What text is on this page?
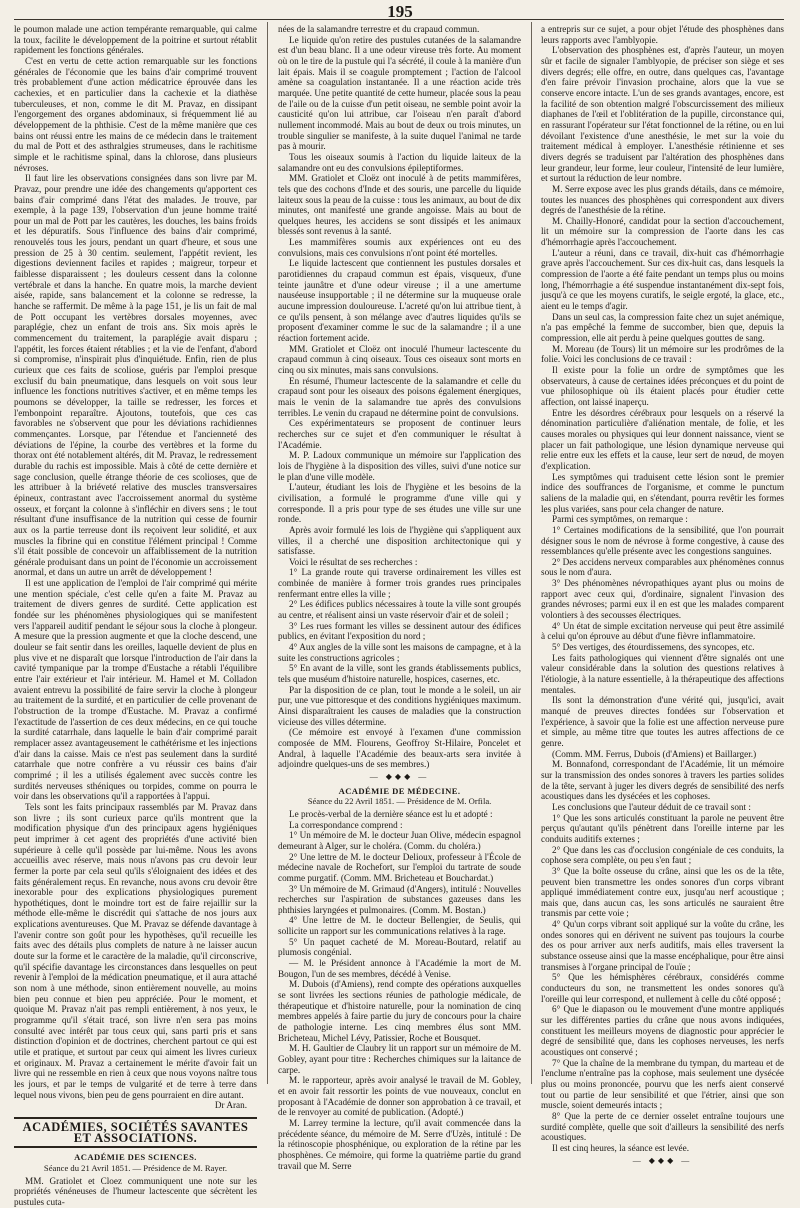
195

le poumon malade une action tempérante remarquable, qui calme la toux, facilite le développement de la poitrine et surtout rétablit rapidement les fonctions générales.

C'est en vertu de cette action remarquable sur les fonctions générales de l'économie que les bains d'air comprimé trouvent très probablement d'une action médicatrice éprouvée dans les cachexies, et en particulier dans la cachexie et la diathèse tuberculeuses, et non, comme le dit M. Pravaz, en dissipant l'engorgement des organes abdominaux, si fréquemment lié au développement de la phthisie. C'est de la même manière que ces bains ont réussi entre les mains de ce médecin dans le traitement du mal de Pott et des asthralgies strumeuses, dans le rachitisme simple et le rachitisme spinal, dans la chlorose, dans plusieurs névroses.

Il faut lire les observations consignées dans son livre par M. Pravaz, pour prendre une idée des changements qu'apportent ces bains d'air comprimé dans l'état des malades. Je trouve, par exemple, à la page 139, l'observation d'un jeune homme traité pour un mal de Pott par les cautères, les douches, les bains froids et les dépuratifs. Sous l'influence des bains d'air comprimé, renouvelés tous les jours, pendant un quart d'heure, et sous une pression de 25 à 30 centim. seulement, l'appétit revient, les digestions deviennent faciles et rapides ; maigreur, torpeur et faiblesse disparaissent ; les douleurs cessent dans la colonne vertébrale et dans la hanche. En quatre mois, la marche devient aisée, rapide, sans balancement et la colonne se redresse, la hanche se raffermit. De même à la page 151, je lis un fait de mal de Pott occupant les vertèbres dorsales moyennes, avec paraplégie, chez un enfant de trois ans. Six mois après le commencement du traitement, la paraplégie avait disparu ; l'appétit, les forces étaient rétablies ; et la vie de l'enfant, d'abord si compromise, n'inspirait plus d'inquiétude. Enfin, rien de plus curieux que ces faits de scoliose, guéris par l'emploi presque exclusif du bain pneumatique, dans lesquels on voit sous leur influence les fonctions nutritives s'activer, et en même temps les poumons se développer, la taille se redresser, les forces et l'embonpoint reparaître. Ajoutons, toutefois, que ces cas favorables ne s'observent que pour les déviations rachidiennes commençantes. Lorsque, par l'étendue et l'ancienneté des déviations de l'épine, la courbe des vertèbres et la forme du thorax ont été notablement altérés, dit M. Pravaz, le redressement durable du rachis est impossible. Mais à côté de cette dernière et sage conclusion, quelle étrange théorie de ces scolioses, que de les attribuer à la briéveté relative des muscles transversaires épineux, contrastant avec l'accroissement anormal du système osseux, et forçant la colonne à s'infléchir en divers sens ; le tout résultant d'une insuffisance de la nutrition qui cesse de fournir aux os la partie terreuse dont ils reçoivent leur solidité, et aux muscles la fibrine qui en constitue l'élément principal ! Comme s'il était possible de concevoir un affaiblissement de la nutrition générale produisant dans un point de l'économie un accroissement anormal, et dans un autre un arrêt de développement !

Il est une application de l'emploi de l'air comprimé qui mérite une mention spéciale, c'est celle qu'en a faite M. Pravaz au traitement de divers genres de surdité. Cette application est fondée sur les phénomènes physiologiques qui se manifestent vers l'appareil auditif pendant le séjour sous la cloche à plongeur. A mesure que la pression augmente et que la cloche descend, une douleur se fait sentir dans les oreilles, laquelle devient de plus en plus vive et ne disparaît que lorsque l'introduction de l'air dans la cavité tympanique par la trompe d'Eustache a rétabli l'équilibre entre l'air extérieur et l'air intérieur. M. Hamel et M. Colladon avaient entrevu la possibilité de faire servir la cloche à plongeur au traitement de la surdité, et en particulier de celle provenant de l'obstruction de la trompe d'Eustache. M. Pravaz a confirmé l'exactitude de l'assertion de ces deux médecins, en ce qui touche la surdité catarrhale, dans laquelle le bain d'air comprimé parait remplacer assez avantageusement le cathétérisme et les injections d'air dans la caisse. Mais ce n'est pas seulement dans la surdité catarrhale que notre confrère a vu réussir ces bains d'air comprimé ; il les a utilisés également avec succès contre les surdités nerveuses sthéniques ou torpides, comme on pourra le voir dans les observations qu'il a rapportées à l'appui.

Tels sont les faits principaux rassemblés par M. Pravaz dans son livre ; ils sont curieux parce qu'ils montrent que la modification physique d'un des principaux agens hygiéniques peut imprimer à cet agent des propriétés d'une activité bien supérieure à celle qu'il possède par lui-même. Nous les avons accueillis avec réserve, mais nous n'avons pas cru devoir leur fermer la porte par cela seul qu'ils s'éloignaient des idées et des faits généralement reçus. En revanche, nous avons cru devoir être inexorable pour des explications physiologiques purement hypothétiques, dont le moindre tort est de faire rejaillir sur la méthode elle-même le discrédit qui s'attache de nos jours aux explications aventureuses. Que M. Pravaz se défende davantage à l'avenir contre son goût pour les hypothèses, qu'il recueille les faits avec des détails plus complets de nature à ne laisser aucun doute sur la forme et le caractère de la maladie, qu'il circonscrive, qu'il spécifie davantage les circonstances dans lesquelles on peut revenir à l'emploi de la médication pneumatique, et il aura attaché son nom à une méthode, sinon entièrement nouvelle, au moins bien peu connue et bien peu appréciée. Pour le moment, et quoique M. Pravaz n'ait pas rempli entièrement, à nos yeux, le programme qu'il s'était tracé, son livre n'en sera pas moins consulté avec intérêt par tous ceux qui, sans parti pris et sans distinction d'opinion et de doctrines, cherchent partout ce qui est utile et pratique, et surtout par ceux qui aiment les livres curieux et originaux. M. Pravaz a certainement le mérite d'avoir fait un livre qui ne ressemble en rien à ceux que nous voyons naître tous les jours, et par le temps de vulgarité et de terre à terre dans lequel nous vivons, bien peu de gens pourraient en dire autant.

Dr Aran.

ACADÉMIES, SOCIÉTÉS SAVANTES ET ASSOCIATIONS.
ACADÉMIE DES SCIENCES.
Séance du 21 Avril 1851. — Présidence de M. Rayer.

MM. Gratiolet et Cloez communiquent une note sur les propriétés vénéneuses de l'humeur lactescente que sécrètent les pustules cuta-

nées de la salamandre terrestre et du crapaud commun.

Le liquide qu'on retire des pustules cutanées de la salamandre est d'un beau blanc. Il a une odeur vireuse très forte. Au moment où on le tire de la pustule qui l'a sécrété, il coule à la manière d'un lait épais. Mais il se coagule promptement ; l'action de l'alcool amène sa coagulation instantanée. Il a une réaction acide très marquée. Une petite quantité de cette humeur, placée sous la peau de l'aile ou de la cuisse d'un petit oiseau, ne semble point avoir la causticité qu'on lui attribue, car l'oiseau n'en paraît d'abord nullement incommodé. Mais au bout de deux ou trois minutes, un trouble singulier se manifeste, à la suite duquel l'animal ne tarde pas à mourir.

Tous les oiseaux soumis à l'action du liquide laiteux de la salamandre ont eu des convulsions épileptiformes.

MM. Gratiolet et Cloëz ont inoculé à de petits mammifères, tels que des cochons d'Inde et des souris, une parcelle du liquide laiteux sous la peau de la cuisse : tous les animaux, au bout de dix minutes, ont manifesté une grande angoisse. Mais au bout de quelques heures, les accidens se sont dissipés et les animaux blessés sont revenus à la santé.

Les mammifères soumis aux expériences ont eu des convulsions, mais ces convulsions n'ont point été mortelles.

Le liquide lactescent que contiennent les pustules dorsales et parotidiennes du crapaud commun est épais, visqueux, d'une teinte jaunâtre et d'une odeur vireuse ; il a une amertume nauséeuse insupportable ; il ne détermine sur la muqueuse orale aucune impression douloureuse. L'acreté qu'on lui attribue tient, à ce qu'ils pensent, à son mélange avec d'autres liquides qu'ils se proposent d'examiner comme le suc de la salamandre ; il a une réaction fortement acide.

MM. Gratiolet et Cloëz ont inoculé l'humeur lactescente du crapaud commun à cinq oiseaux. Tous ces oiseaux sont morts en cinq ou six minutes, mais sans convulsions.

En résumé, l'humeur lactescente de la salamandre et celle du crapaud sont pour les oiseaux des poisons également énergiques, mais le venin de la salamandre tue après des convulsions terribles. Le venin du crapaud ne détermine point de convulsions.

Ces expérimentateurs se proposent de continuer leurs recherches sur ce sujet et d'en communiquer le résultat à l'Académie.

M. P. Ladoux communique un mémoire sur l'application des lois de l'hygiène à la disposition des villes, suivi d'une notice sur le plan d'une ville modèle.

L'auteur, étudiant les lois de l'hygiène et les besoins de la civilisation, a formulé le programme d'une ville qui y corresponde. Il a pris pour type de ses études une ville sur une ronde.

Après avoir formulé les lois de l'hygiène qui s'appliquent aux villes, il a cherché une disposition architectonique qui y satisfasse.

Voici le résultat de ses recherches :

1° La grande route qui traverse ordinairement les villes est combinée de manière à former trois grandes rues principales renfermant entre elles la ville ;

2° Les édifices publics nécessaires à toute la ville sont groupés au centre, et réalisent ainsi un vaste réservoir d'air et de soleil ;

3° Les rues formant les villes se dessinent autour des édifices publics, en évitant l'exposition du nord ;

4° Aux angles de la ville sont les maisons de campagne, et à la suite les constructions agricoles ;

5° En avant de la ville, sont les grands établissements publics, tels que muséum d'histoire naturelle, hospices, casernes, etc.

Par la disposition de ce plan, tout le monde a le soleil, un air pur, une vue pittoresque et des conditions hygiéniques maximum. Ainsi disparaîtraient les causes de maladies que la construction vicieuse des villes détermine.

(Ce mémoire est envoyé à l'examen d'une commission composée de MM. Flourens, Geoffroy St-Hilaire, Poncelet et Andral, à laquelle l'Académie des beaux-arts sera invitée à adjoindre quelques-uns de ses membres.)

— ◆◆◆ —
ACADÉMIE DE MÉDECINE.
Séance du 22 Avril 1851. — Présidence de M. Orfila.

Le procès-verbal de la dernière séance est lu et adopté :

La correspondance comprend :

1° Un mémoire de M. le docteur Juan Olive, médecin espagnol demeurant à Alger, sur le choléra. (Comm. du choléra.)

2° Une lettre de M. le docteur Delioux, professeur à l'École de médecine navale de Rochefort, sur l'emploi du tartrate de soude comme purgatif. (Comm. MM. Bricheteau et Bouchardat.)

3° Un mémoire de M. Grimaud (d'Angers), intitulé : Nouvelles recherches sur l'aspiration de substances gazeuses dans les phthisies laryngées et pulmonaires. (Comm. M. Bostan.)

4° Une lettre de M. le docteur Bellengier, de Seulis, qui sollicite un rapport sur les communications relatives à la rage.

5° Un paquet cacheté de M. Moreau-Boutard, relatif au plumosis congénial.

— M. le Président annonce à l'Académie la mort de M. Bougon, l'un de ses membres, décédé à Venise.

M. Dubois (d'Amiens), rend compte des opérations auxquelles se sont livrées les sections réunies de pathologie médicale, de thérapeutique et d'histoire naturelle, pour la nomination de cinq membres appelés à faire partie du jury de concours pour la chaire de pathologie interne. Les cinq membres élus sont MM. Bricheteau, Michel Lévy, Patissier, Roche et Bousquet.

M. H. Gaultier de Claubry lit un rapport sur un mémoire de M. Gobley, ayant pour titre : Recherches chimiques sur la laitance de carpe.

M. le rapporteur, après avoir analysé le travail de M. Gobley, et en avoir fait ressortir les points de vue nouveaux, conclut en proposant à l'Académie de donner son approbation à ce travail, et de le renvoyer au comité de publication. (Adopté.)

M. Larrey termine la lecture, qu'il avait commencée dans la précédente séance, du mémoire de M. Serre d'Uzès, intitulé : De la rétinoscopie phosphénique, ou exploration de la rétine par les phosphènes. Ce mémoire, qui forme la quatrième partie du grand travail que M. Serre

a entrepris sur ce sujet, a pour objet l'étude des phosphènes dans leurs rapports avec l'amblyopie.

L'observation des phosphènes est, d'après l'auteur, un moyen sûr et facile de signaler l'amblyopie, de préciser son siège et ses divers degrés; elle offre, en outre, dans quelques cas, l'avantage d'en faire prévoir l'invasion prochaine, alors que la vue se conserve encore intacte. L'un de ses grands avantages, encore, est la facilité de son obtention malgré l'obscurcissement des milieux diaphanes de l'œil et l'oblitération de la pupille, circonstance qui, en rassurant l'opérateur sur l'état fonctionnel de la rétine, ou en lui dévoilant l'existence d'une anesthésie, le met sur la voie du traitement médical à employer. L'anesthésie rétinienne et ses divers degrés se traduisent par l'altération des phosphènes dans leur grandeur, leur forme, leur couleur, l'intensité de leur lumière, et surtout la réduction de leur nombre.

M. Serre expose avec les plus grands détails, dans ce mémoire, toutes les nuances des phosphènes qui correspondent aux divers degrés de l'anesthésie de la rétine.

M. Chailly-Honoré, candidat pour la section d'accouchement, lit un mémoire sur la compression de l'aorte dans les cas d'hémorrhagie après l'accouchement.

L'auteur a réuni, dans ce travail, dix-huit cas d'hémorrhagie grave après l'accouchement. Sur ces dix-huit cas, dans lesquels la compression de l'aorte a été faite pendant un temps plus ou moins long, l'hémorrhagie a été suspendue instantanément dix-sept fois, jusqu'à ce que les moyens curatifs, le seigle ergoté, la glace, etc., aient eu le temps d'agir.

Dans un seul cas, la compression faite chez un sujet anémique, n'a pas empêché la femme de succomber, bien que, depuis la compression, elle ait perdu à peine quelques gouttes de sang.

M. Moreau (de Tours) lit un mémoire sur les prodrômes de la folie. Voici les conclusions de ce travail :

Il existe pour la folie un ordre de symptômes que les observateurs, à cause de certaines idées préconçues et du point de vue philosophique où ils étaient placés pour étudier cette affection, ont laissé inaperçu.

Entre les désordres cérébraux pour lesquels on a réservé la dénomination particulière d'aliénation mentale, de folie, et les causes morales ou physiques qui leur donnent naissance, vient se placer un fait pathologique, une lésion dynamique nerveuse qui relie entre eux les effets et la cause, leur sert de nœud, de moyen d'explication.

Les symptômes qui traduisent cette lésion sont le premier indice des souffrances de l'organisme, et comme le punctum saliens de la maladie qui, en s'étendant, pourra revêtir les formes les plus variées, sans pour cela changer de nature.

Parmi ces symptômes, on remarque :

1° Certaines modifications de la sensibilité, que l'on pourrait désigner sous le nom de névrose à forme congestive, à cause des ressemblances qu'elle présente avec les congestions sanguines.

2° Des accidens nerveux comparables aux phénomènes connus sous le nom d'aura.

3° Des phénomènes névropathiques ayant plus ou moins de rapport avec ceux qui, d'ordinaire, signalent l'invasion des grandes névroses; parmi eux il en est que les malades comparent volontiers à des secousses électriques.

4° Un état de simple excitation nerveuse qui peut être assimilé à celui qu'on éprouve au début d'une fièvre inflammatoire.

5° Des vertiges, des étourdissemens, des syncopes, etc.

Les faits pathologiques qui viennent d'être signalés ont une valeur considérable dans la solution des questions relatives à l'étiologie, à la nature essentielle, à la thérapeutique des affections mentales.

Ils sont la démonstration d'une vérité qui, jusqu'ici, avait manqué de preuves directes fondées sur l'observation et l'expérience, à savoir que la folie est une affection nerveuse pure et simple, au même titre que toutes les autres affections de ce genre.

(Comm. MM. Ferrus, Dubois (d'Amiens) et Baillarger.)

M. Bonnafond, correspondant de l'Académie, lit un mémoire sur la transmission des ondes sonores à travers les parties solides de la tête, servant à juger les divers degrés de sensibilité des nerfs acoustiques dans les dysécées et les cophoses.

Les conclusions que l'auteur déduit de ce travail sont :

1° Que les sons articulés constituant la parole ne peuvent être perçus qu'autant qu'ils pénètrent dans l'oreille interne par les conduits auditifs externes ;

2° Que dans les cas d'occlusion congéniale de ces conduits, la cophose sera complète, ou peu s'en faut ;

3° Que la boîte osseuse du crâne, ainsi que les os de la tête, peuvent bien transmettre les ondes sonores d'un corps vibrant appliqué immédiatement contre eux, jusqu'au nerf acoustique ; mais que, dans aucun cas, les sons articulés ne sauraient être transmis par cette voie ;

4° Qu'un corps vibrant soit appliqué sur la voûte du crâne, les ondes sonores qui en dérivent ne suivent pas toujours la courbe des os pour arriver aux nerfs auditifs, mais elles traversent la substance osseuse ainsi que la masse encéphalique, pour être ainsi transmises à l'organe principal de l'ouïe ;

5° Que les hémisphères cérébraux, considérés comme conducteurs du son, ne transmettent les ondes sonores qu'à l'oreille qui leur correspond, et nullement à celle du côté opposé ;

6° Que le diapason ou le mouvement d'une montre appliqués sur les différentes parties du crâne que nous avons indiquées, constituent les meilleurs moyens de diagnostic pour apprécier le degré de sensibilité que, dans les cophoses nerveuses, les nerfs acoustiques ont conservé ;

7° Que la chaîne de la membrane du tympan, du marteau et de l'enclume n'entraîne pas la cophose, mais seulement une dysécée plus ou moins prononcée, pourvu que les nerfs aient conservé tout ou partie de leur sensibilité et que l'étrier, ainsi que son muscle, soient demeurés intacts ;

8° Que la perte de ce dernier osselet entraîne toujours une surdité complète, quelle que soit d'ailleurs la sensibilité des nerfs acoustiques.

Il est cinq heures, la séance est levée.

— ◆◆◆ —
